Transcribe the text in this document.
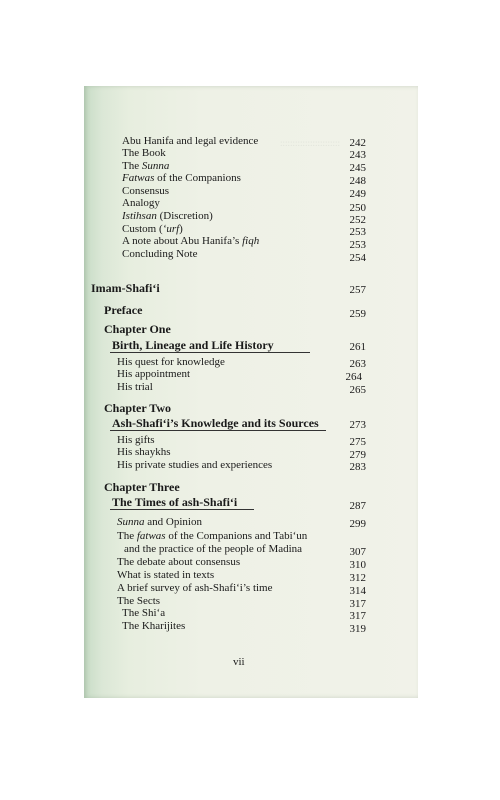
::::::::::::::::::::::::
Abu Hanifa and legal evidence	242
The Book	243
The Sunna	245
Fatwas of the Companions	248
Consensus	249
Analogy	250
Istihsan (Discretion)	252
Custom (‘urf)	253
A note about Abu Hanifa’s fiqh	253
Concluding Note	254
Imam-Shafi‘i	257
Preface	259
Chapter One
Birth, Lineage and Life History	261
His quest for knowledge	263
His appointment	264
His trial	265
Chapter Two
Ash-Shafi‘i’s Knowledge and its Sources	273
His gifts	275
His shaykhs	279
His private studies and experiences	283
Chapter Three
The Times of ash-Shafi‘i	287
Sunna and Opinion	299
The fatwas of the Companions and Tabi‘un
and the practice of the people of Madina	307
The debate about consensus	310
What is stated in texts	312
A brief survey of ash-Shafi‘i’s time	314
The Sects	317
The Shi‘a	317
The Kharijites	319
vii
